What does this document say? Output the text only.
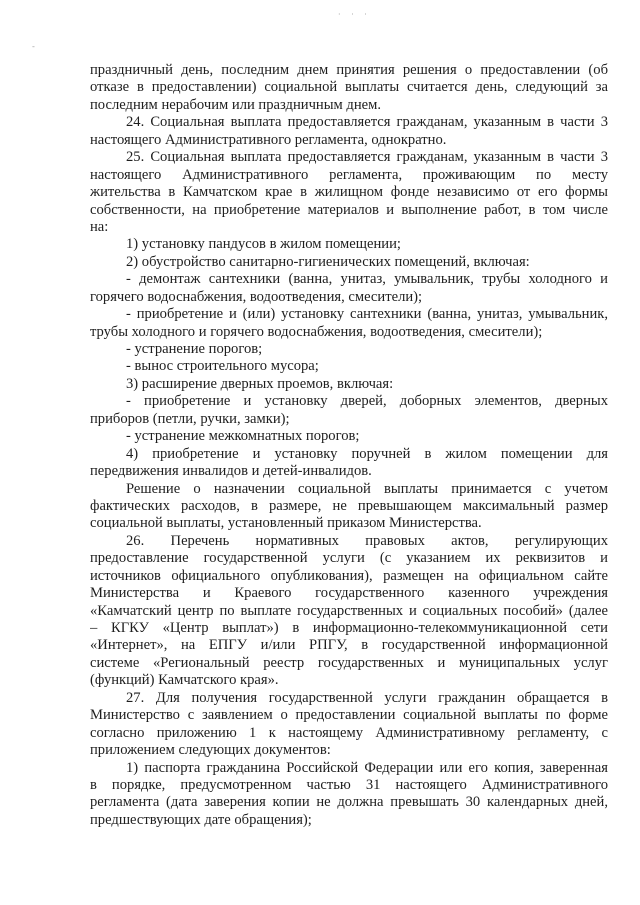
· · ·
-
праздничный день, последним днем принятия решения о предоставлении (об
отказе в предоставлении) социальной выплаты считается день, следующий за
последним нерабочим или праздничным днем.
24. Социальная выплата предоставляется гражданам, указанным в части 3
настоящего Административного регламента, однократно.
25. Социальная выплата предоставляется гражданам, указанным в части 3
настоящего Административного регламента, проживающим по месту
жительства в Камчатском крае в жилищном фонде независимо от его формы
собственности, на приобретение материалов и выполнение работ, в том числе
на:
1) установку пандусов в жилом помещении;
2) обустройство санитарно-гигиенических помещений, включая:
- демонтаж сантехники (ванна, унитаз, умывальник, трубы холодного и
горячего водоснабжения, водоотведения, смесители);
- приобретение и (или) установку сантехники (ванна, унитаз, умывальник,
трубы холодного и горячего водоснабжения, водоотведения, смесители);
- устранение порогов;
- вынос строительного мусора;
3) расширение дверных проемов, включая:
- приобретение и установку дверей, доборных элементов, дверных
приборов (петли, ручки, замки);
- устранение межкомнатных порогов;
4) приобретение и установку поручней в жилом помещении для
передвижения инвалидов и детей-инвалидов.
Решение о назначении социальной выплаты принимается с учетом
фактических расходов, в размере, не превышающем максимальный размер
социальной выплаты, установленный приказом Министерства.
26. Перечень нормативных правовых актов, регулирующих
предоставление государственной услуги (с указанием их реквизитов и
источников официального опубликования), размещен на официальном сайте
Министерства и Краевого государственного казенного учреждения
«Камчатский центр по выплате государственных и социальных пособий» (далее
– КГКУ «Центр выплат») в информационно-телекоммуникационной сети
«Интернет», на ЕПГУ и/или РПГУ, в государственной информационной
системе «Региональный реестр государственных и муниципальных услуг
(функций) Камчатского края».
27. Для получения государственной услуги гражданин обращается в
Министерство с заявлением о предоставлении социальной выплаты по форме
согласно приложению 1 к настоящему Административному регламенту, с
приложением следующих документов:
1) паспорта гражданина Российской Федерации или его копия, заверенная
в порядке, предусмотренном частью 31 настоящего Административного
регламента (дата заверения копии не должна превышать 30 календарных дней,
предшествующих дате обращения);
